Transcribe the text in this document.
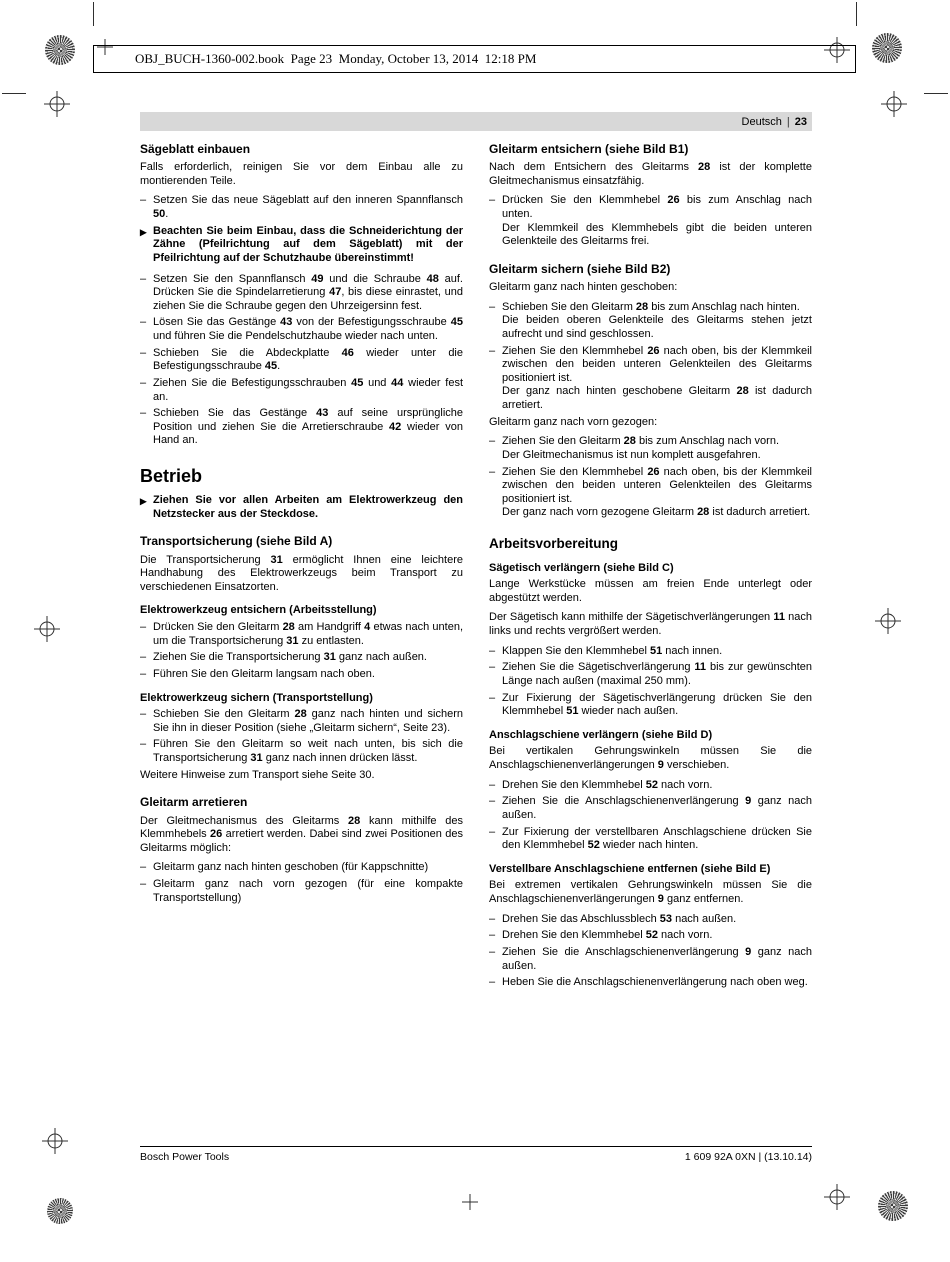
OBJ_BUCH-1360-002.book  Page 23  Monday, October 13, 2014  12:18 PM
Deutsch | 23
Sägeblatt einbauen
Falls erforderlich, reinigen Sie vor dem Einbau alle zu montierenden Teile.
– Setzen Sie das neue Sägeblatt auf den inneren Spannflansch 50.
▶ Beachten Sie beim Einbau, dass die Schneiderichtung der Zähne (Pfeilrichtung auf dem Sägeblatt) mit der Pfeilrichtung auf der Schutzhaube übereinstimmt!
– Setzen Sie den Spannflansch 49 und die Schraube 48 auf. Drücken Sie die Spindelarretierung 47, bis diese einrastet, und ziehen Sie die Schraube gegen den Uhrzeigersinn fest.
– Lösen Sie das Gestänge 43 von der Befestigungsschraube 45 und führen Sie die Pendelschutzhaube wieder nach unten.
– Schieben Sie die Abdeckplatte 46 wieder unter die Befestigungsschraube 45.
– Ziehen Sie die Befestigungsschrauben 45 und 44 wieder fest an.
– Schieben Sie das Gestänge 43 auf seine ursprüngliche Position und ziehen Sie die Arretierschraube 42 wieder von Hand an.
Betrieb
▶ Ziehen Sie vor allen Arbeiten am Elektrowerkzeug den Netzstecker aus der Steckdose.
Transportsicherung (siehe Bild A)
Die Transportsicherung 31 ermöglicht Ihnen eine leichtere Handhabung des Elektrowerkzeugs beim Transport zu verschiedenen Einsatzorten.
Elektrowerkzeug entsichern (Arbeitsstellung)
– Drücken Sie den Gleitarm 28 am Handgriff 4 etwas nach unten, um die Transportsicherung 31 zu entlasten.
– Ziehen Sie die Transportsicherung 31 ganz nach außen.
– Führen Sie den Gleitarm langsam nach oben.
Elektrowerkzeug sichern (Transportstellung)
– Schieben Sie den Gleitarm 28 ganz nach hinten und sichern Sie ihn in dieser Position (siehe „Gleitarm sichern“, Seite 23).
– Führen Sie den Gleitarm so weit nach unten, bis sich die Transportsicherung 31 ganz nach innen drücken lässt.
Weitere Hinweise zum Transport siehe Seite 30.
Gleitarm arretieren
Der Gleitmechanismus des Gleitarms 28 kann mithilfe des Klemmhebels 26 arretiert werden. Dabei sind zwei Positionen des Gleitarms möglich:
– Gleitarm ganz nach hinten geschoben (für Kappschnitte)
– Gleitarm ganz nach vorn gezogen (für eine kompakte Transportstellung)
Gleitarm entsichern (siehe Bild B1)
Nach dem Entsichern des Gleitarms 28 ist der komplette Gleitmechanismus einsatzfähig.
– Drücken Sie den Klemmhebel 26 bis zum Anschlag nach unten.
Der Klemmkeil des Klemmhebels gibt die beiden unteren Gelenkteile des Gleitarms frei.
Gleitarm sichern (siehe Bild B2)
Gleitarm ganz nach hinten geschoben:
– Schieben Sie den Gleitarm 28 bis zum Anschlag nach hinten.
Die beiden oberen Gelenkteile des Gleitarms stehen jetzt aufrecht und sind geschlossen.
– Ziehen Sie den Klemmhebel 26 nach oben, bis der Klemmkeil zwischen den beiden unteren Gelenkteilen des Gleitarms positioniert ist.
Der ganz nach hinten geschobene Gleitarm 28 ist dadurch arretiert.
Gleitarm ganz nach vorn gezogen:
– Ziehen Sie den Gleitarm 28 bis zum Anschlag nach vorn.
Der Gleitmechanismus ist nun komplett ausgefahren.
– Ziehen Sie den Klemmhebel 26 nach oben, bis der Klemmkeil zwischen den beiden unteren Gelenkteilen des Gleitarms positioniert ist.
Der ganz nach vorn gezogene Gleitarm 28 ist dadurch arretiert.
Arbeitsvorbereitung
Sägetisch verlängern (siehe Bild C)
Lange Werkstücke müssen am freien Ende unterlegt oder abgestützt werden.
Der Sägetisch kann mithilfe der Sägetischverlängerungen 11 nach links und rechts vergrößert werden.
– Klappen Sie den Klemmhebel 51 nach innen.
– Ziehen Sie die Sägetischverlängerung 11 bis zur gewünschten Länge nach außen (maximal 250 mm).
– Zur Fixierung der Sägetischverlängerung drücken Sie den Klemmhebel 51 wieder nach außen.
Anschlagschiene verlängern (siehe Bild D)
Bei vertikalen Gehrungswinkeln müssen Sie die Anschlagschienenverlängerungen 9 verschieben.
– Drehen Sie den Klemmhebel 52 nach vorn.
– Ziehen Sie die Anschlagschienenverlängerung 9 ganz nach außen.
– Zur Fixierung der verstellbaren Anschlagschiene drücken Sie den Klemmhebel 52 wieder nach hinten.
Verstellbare Anschlagschiene entfernen (siehe Bild E)
Bei extremen vertikalen Gehrungswinkeln müssen Sie die Anschlagschienenverlängerungen 9 ganz entfernen.
– Drehen Sie das Abschlussblech 53 nach außen.
– Drehen Sie den Klemmhebel 52 nach vorn.
– Ziehen Sie die Anschlagschienenverlängerung 9 ganz nach außen.
– Heben Sie die Anschlagschienenverlängerung nach oben weg.
Bosch Power Tools	1 609 92A 0XN | (13.10.14)
